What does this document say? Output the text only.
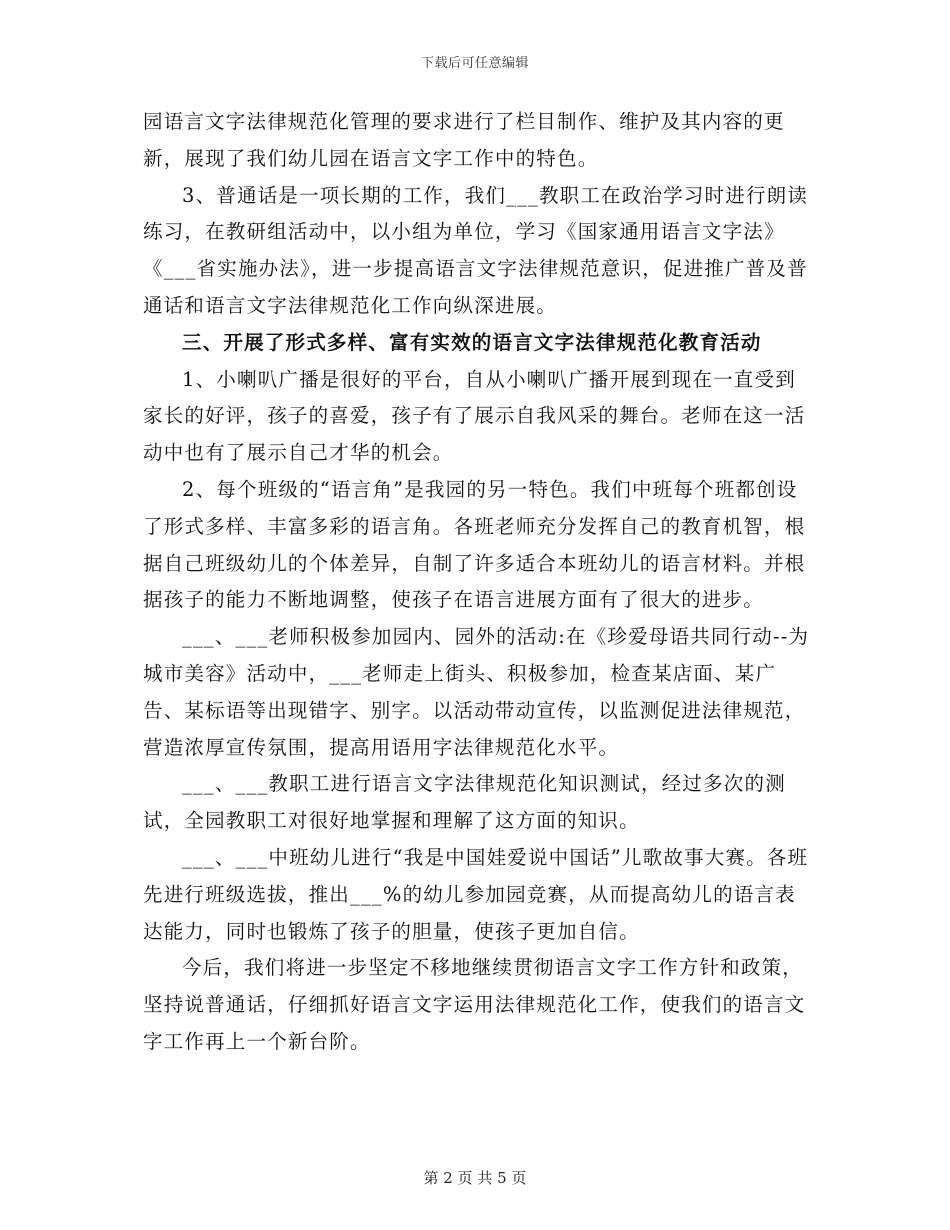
下载后可任意编辑

园语言文字法律规范化管理的要求进行了栏目制作、维护及其内容的更新，展现了我们幼儿园在语言文字工作中的特色。

3、普通话是一项长期的工作，我们___教职工在政治学习时进行朗读练习，在教研组活动中，以小组为单位，学习《国家通用语言文字法》《___省实施办法》，进一步提高语言文字法律规范意识，促进推广普及普通话和语言文字法律规范化工作向纵深进展。

三、开展了形式多样、富有实效的语言文字法律规范化教育活动

1、小喇叭广播是很好的平台，自从小喇叭广播开展到现在一直受到家长的好评，孩子的喜爱，孩子有了展示自我风采的舞台。老师在这一活动中也有了展示自己才华的机会。

2、每个班级的“语言角”是我园的另一特色。我们中班每个班都创设了形式多样、丰富多彩的语言角。各班老师充分发挥自己的教育机智，根据自己班级幼儿的个体差异，自制了许多适合本班幼儿的语言材料。并根据孩子的能力不断地调整，使孩子在语言进展方面有了很大的进步。

___、___老师积极参加园内、园外的活动:在《珍爱母语共同行动--为城市美容》活动中，___老师走上街头、积极参加，检查某店面、某广告、某标语等出现错字、别字。以活动带动宣传，以监测促进法律规范，营造浓厚宣传氛围，提高用语用字法律规范化水平。

___、___教职工进行语言文字法律规范化知识测试，经过多次的测试，全园教职工对很好地掌握和理解了这方面的知识。

___、___中班幼儿进行“我是中国娃爱说中国话”儿歌故事大赛。各班先进行班级选拔，推出___%的幼儿参加园竞赛，从而提高幼儿的语言表达能力，同时也锻炼了孩子的胆量，使孩子更加自信。

今后，我们将进一步坚定不移地继续贯彻语言文字工作方针和政策，坚持说普通话，仔细抓好语言文字运用法律规范化工作，使我们的语言文字工作再上一个新台阶。

第 2 页 共 5 页
